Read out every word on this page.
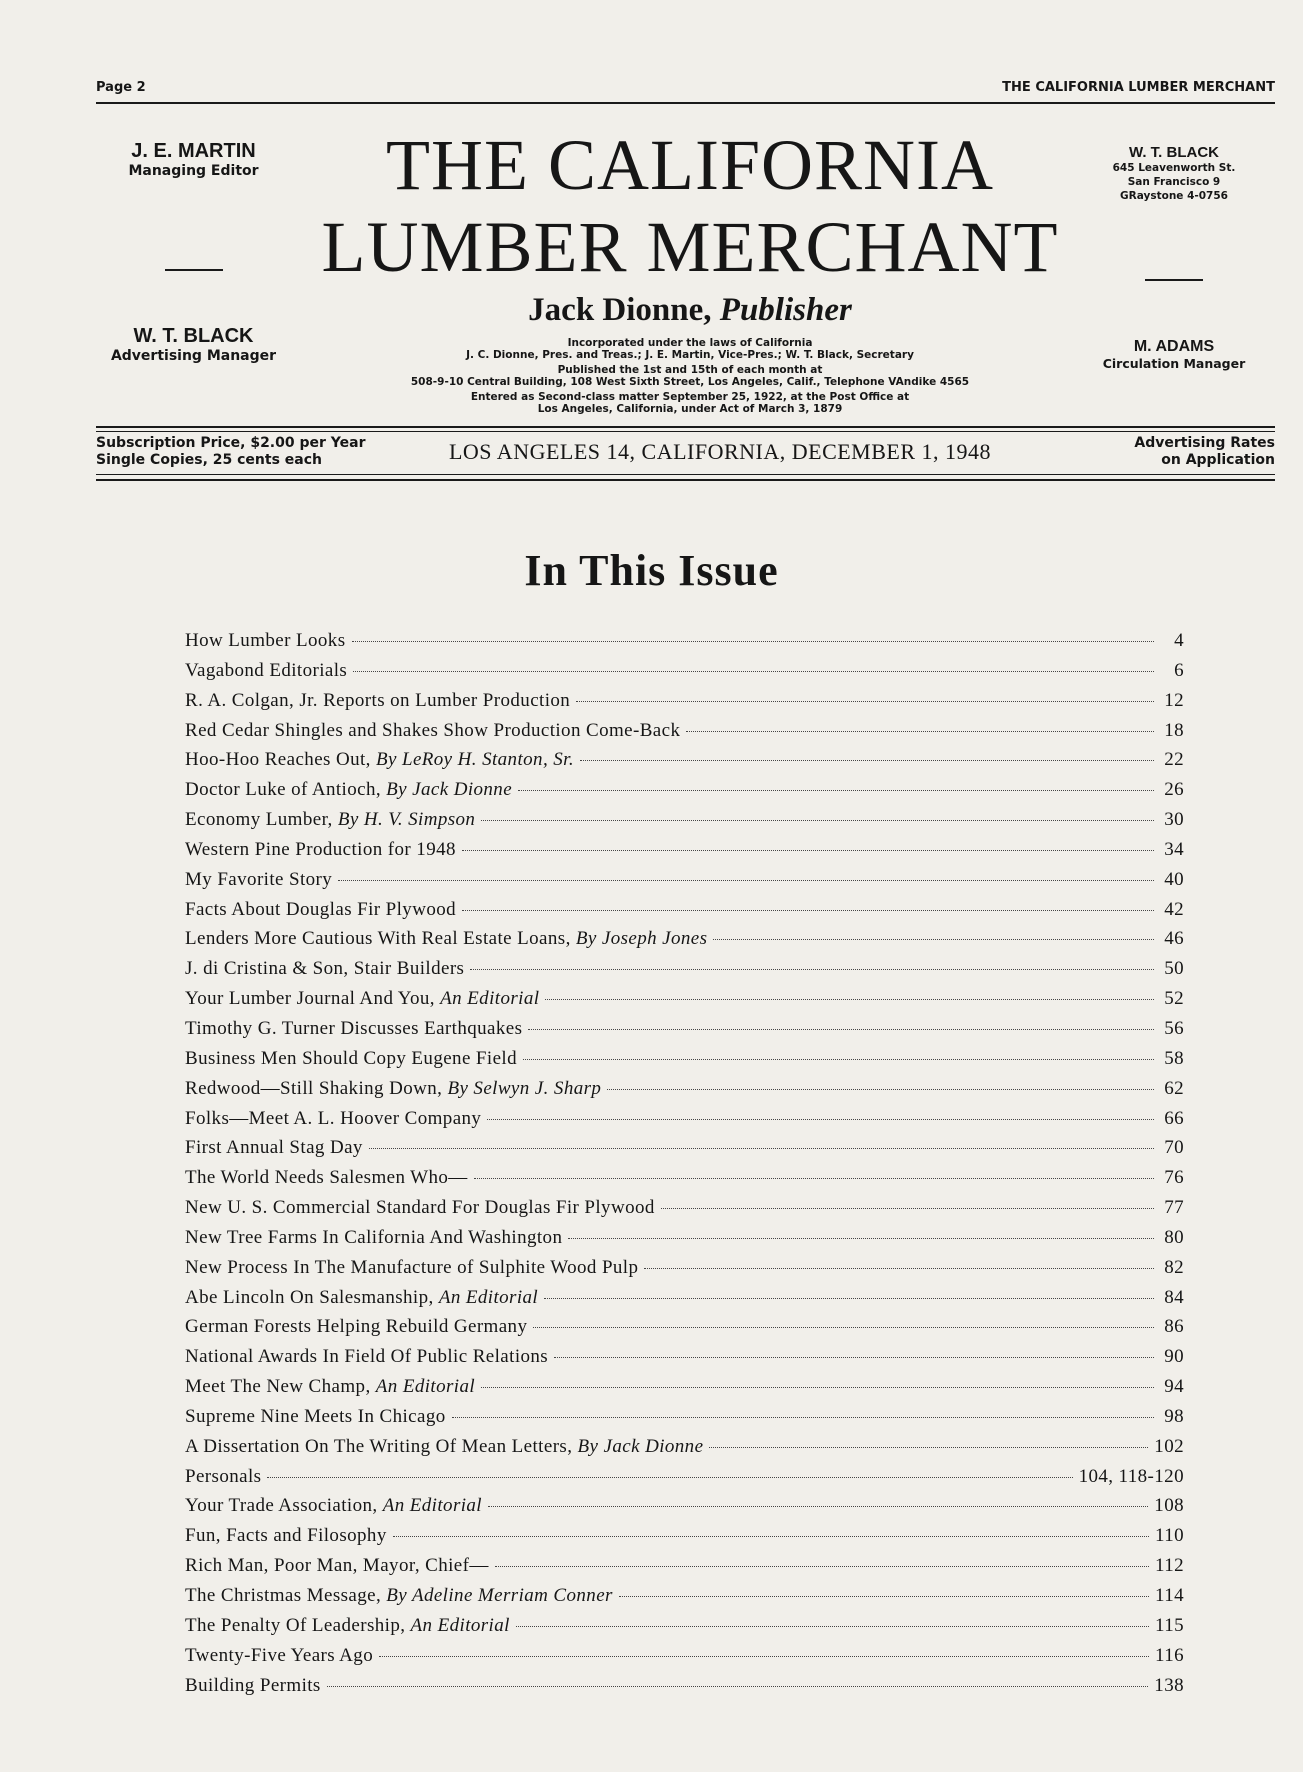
Page 2	THE CALIFORNIA LUMBER MERCHANT
J. E. MARTIN
Managing Editor
W. T. BLACK
Advertising Manager
W. T. BLACK
645 Leavenworth St.
San Francisco 9
GRaystone 4-0756
M. ADAMS
Circulation Manager
THE CALIFORNIA
LUMBER MERCHANT
Jack Dionne, Publisher
Incorporated under the laws of California
J. C. Dionne, Pres. and Treas.; J. E. Martin, Vice-Pres.; W. T. Black, Secretary
Published the 1st and 15th of each month at
508-9-10 Central Building, 108 West Sixth Street, Los Angeles, Calif., Telephone VAndike 4565
Entered as Second-class matter September 25, 1922, at the Post Office at
Los Angeles, California, under Act of March 3, 1879
Subscription Price, $2.00 per Year
Single Copies, 25 cents each	LOS ANGELES 14, CALIFORNIA, DECEMBER 1, 1948	Advertising Rates
on Application
In This Issue
How Lumber Looks	4
Vagabond Editorials	6
R. A. Colgan, Jr. Reports on Lumber Production	12
Red Cedar Shingles and Shakes Show Production Come-Back	18
Hoo-Hoo Reaches Out, By LeRoy H. Stanton, Sr.	22
Doctor Luke of Antioch, By Jack Dionne	26
Economy Lumber, By H. V. Simpson	30
Western Pine Production for 1948	34
My Favorite Story	40
Facts About Douglas Fir Plywood	42
Lenders More Cautious With Real Estate Loans, By Joseph Jones	46
J. di Cristina & Son, Stair Builders	50
Your Lumber Journal And You, An Editorial	52
Timothy G. Turner Discusses Earthquakes	56
Business Men Should Copy Eugene Field	58
Redwood—Still Shaking Down, By Selwyn J. Sharp	62
Folks—Meet A. L. Hoover Company	66
First Annual Stag Day	70
The World Needs Salesmen Who—	76
New U. S. Commercial Standard For Douglas Fir Plywood	77
New Tree Farms In California And Washington	80
New Process In The Manufacture of Sulphite Wood Pulp	82
Abe Lincoln On Salesmanship, An Editorial	84
German Forests Helping Rebuild Germany	86
National Awards In Field Of Public Relations	90
Meet The New Champ, An Editorial	94
Supreme Nine Meets In Chicago	98
A Dissertation On The Writing Of Mean Letters, By Jack Dionne	102
Personals	104, 118-120
Your Trade Association, An Editorial	108
Fun, Facts and Filosophy	110
Rich Man, Poor Man, Mayor, Chief—	112
The Christmas Message, By Adeline Merriam Conner	114
The Penalty Of Leadership, An Editorial	115
Twenty-Five Years Ago	116
Building Permits	138
